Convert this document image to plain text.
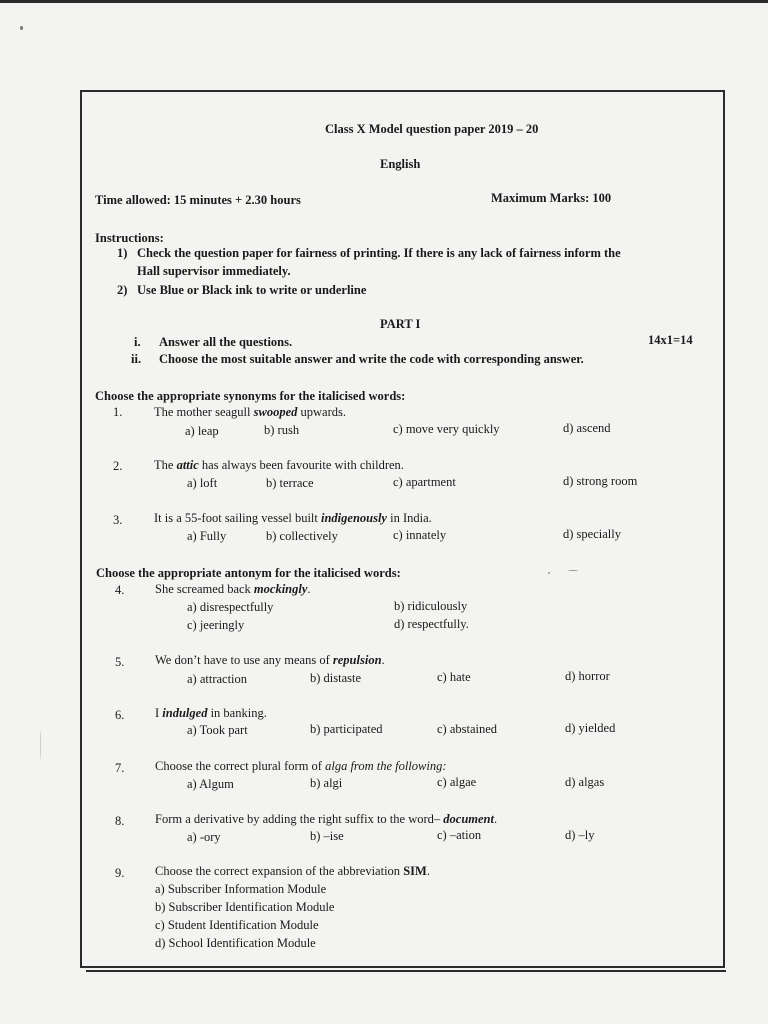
Class X Model question paper 2019 – 20
English
Time allowed: 15 minutes + 2.30 hours	Maximum Marks: 100
Instructions:
1) Check the question paper for fairness of printing. If there is any lack of fairness inform the
Hall supervisor immediately.
2) Use Blue or Black ink to write or underline
PART I
i. Answer all the questions.	14x1=14
ii. Choose the most suitable answer and write the code with corresponding answer.
Choose the appropriate synonyms for the italicised words:
1.	The mother seagull swooped upwards.
a) leap	b) rush	c) move very quickly	d) ascend
2.	The attic has always been favourite with children.
a) loft	b) terrace	c) apartment	d) strong room
3.	It is a 55-foot sailing vessel built indigenously in India.
a) Fully	b) collectively	c) innately	d) specially
Choose the appropriate antonym for the italicised words:
4. She screamed back mockingly.
a) disrespectfully	b) ridiculously
c) jeeringly	d) respectfully.
5. We don’t have to use any means of repulsion.
a) attraction	b) distaste	c) hate	d) horror
6. I indulged in banking.
a) Took part	b) participated	c) abstained	d) yielded
7. Choose the correct plural form of alga from the following:
a) Algum	b) algi	c) algae	d) algas
8. Form a derivative by adding the right suffix to the word– document.
a) -ory	b) –ise	c) –ation	d) –ly
9. Choose the correct expansion of the abbreviation SIM.
a) Subscriber Information Module
b) Subscriber Identification Module
c) Student Identification Module
d) School Identification Module
